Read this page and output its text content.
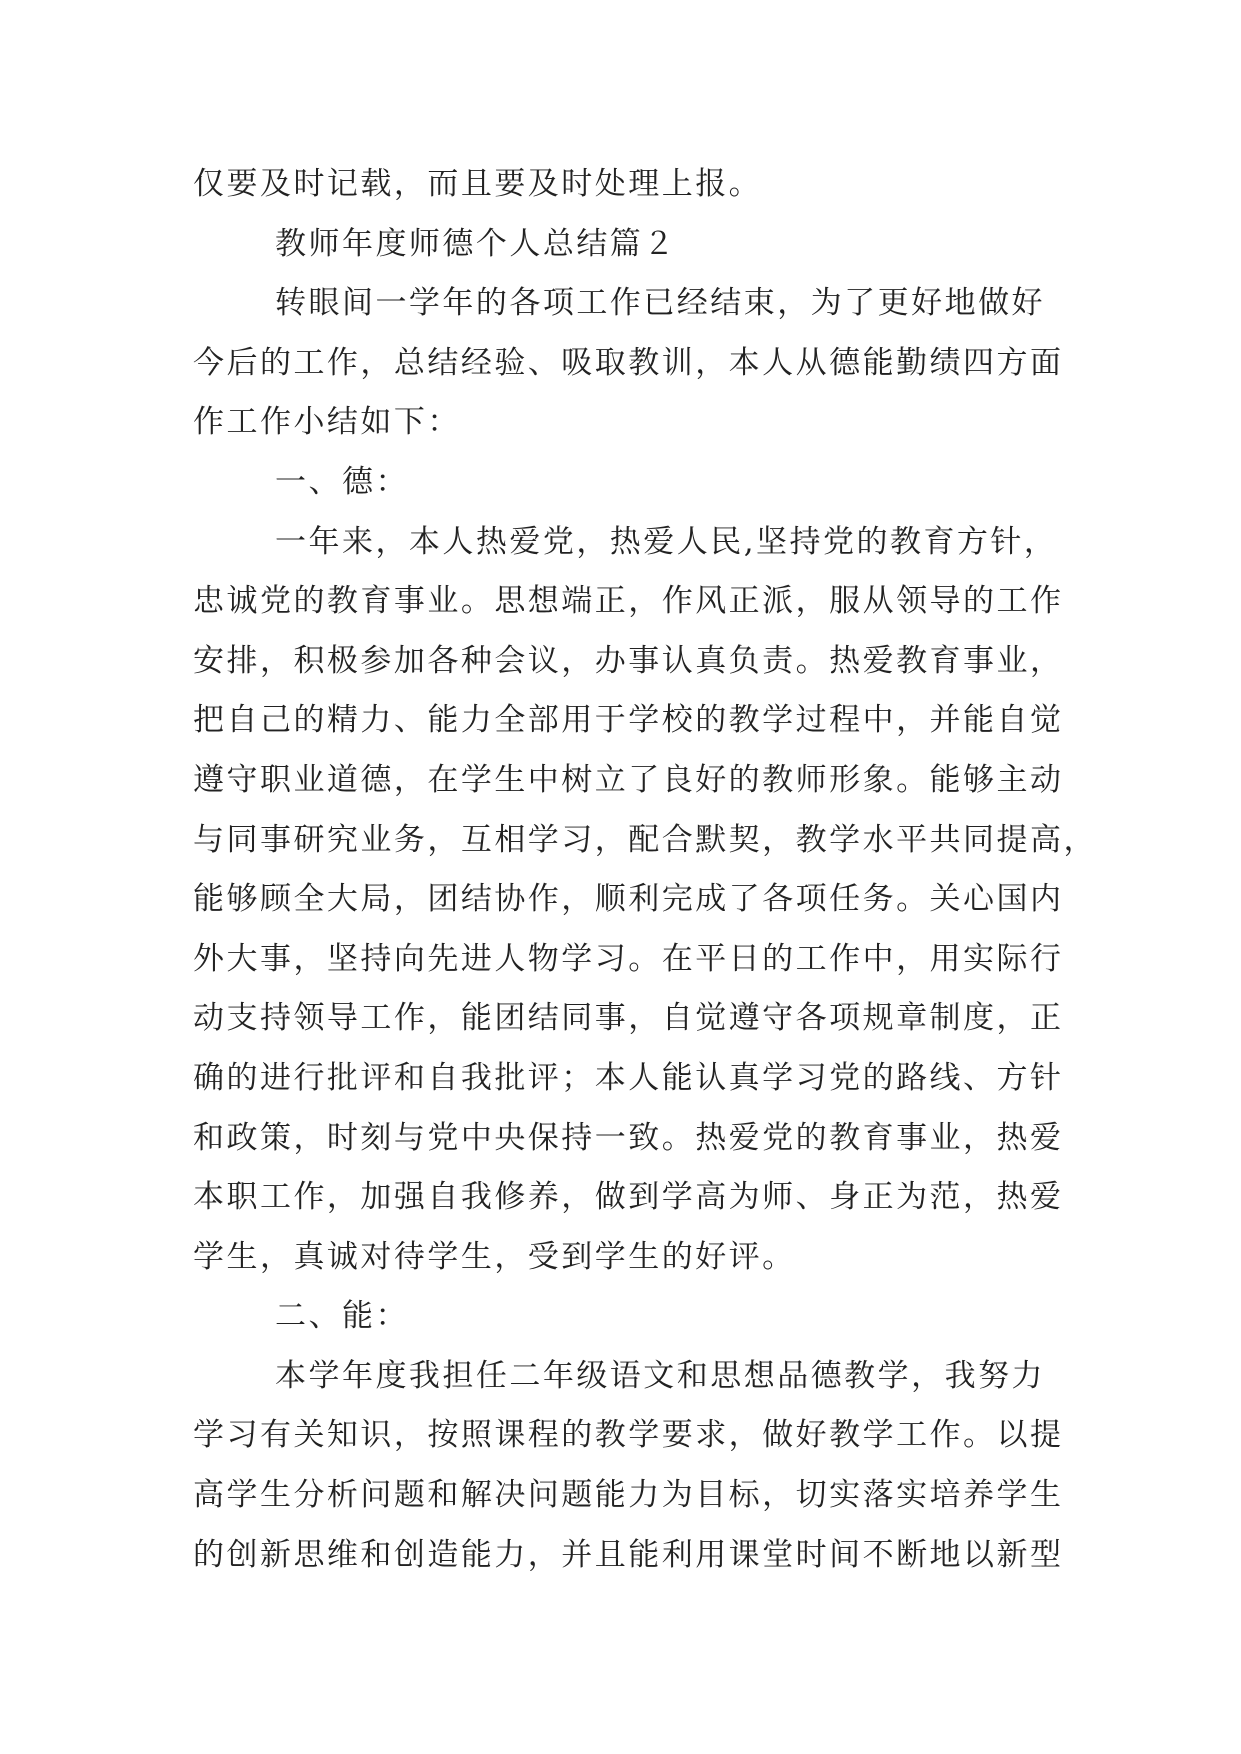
仅要及时记载，而且要及时处理上报。
教师年度师德个人总结篇２
转眼间一学年的各项工作已经结束，为了更好地做好
今后的工作，总结经验、吸取教训，本人从德能勤绩四方面
作工作小结如下：
一、德：
一年来，本人热爱党，热爱人民,坚持党的教育方针，
忠诚党的教育事业。思想端正，作风正派，服从领导的工作
安排，积极参加各种会议，办事认真负责。热爱教育事业，
把自己的精力、能力全部用于学校的教学过程中，并能自觉
遵守职业道德，在学生中树立了良好的教师形象。能够主动
与同事研究业务，互相学习，配合默契，教学水平共同提高，
能够顾全大局，团结协作，顺利完成了各项任务。关心国内
外大事，坚持向先进人物学习。在平日的工作中，用实际行
动支持领导工作，能团结同事，自觉遵守各项规章制度，正
确的进行批评和自我批评；本人能认真学习党的路线、方针
和政策，时刻与党中央保持一致。热爱党的教育事业，热爱
本职工作，加强自我修养，做到学高为师、身正为范，热爱
学生，真诚对待学生，受到学生的好评。
二、能：
本学年度我担任二年级语文和思想品德教学，我努力
学习有关知识，按照课程的教学要求，做好教学工作。以提
高学生分析问题和解决问题能力为目标，切实落实培养学生
的创新思维和创造能力，并且能利用课堂时间不断地以新型
